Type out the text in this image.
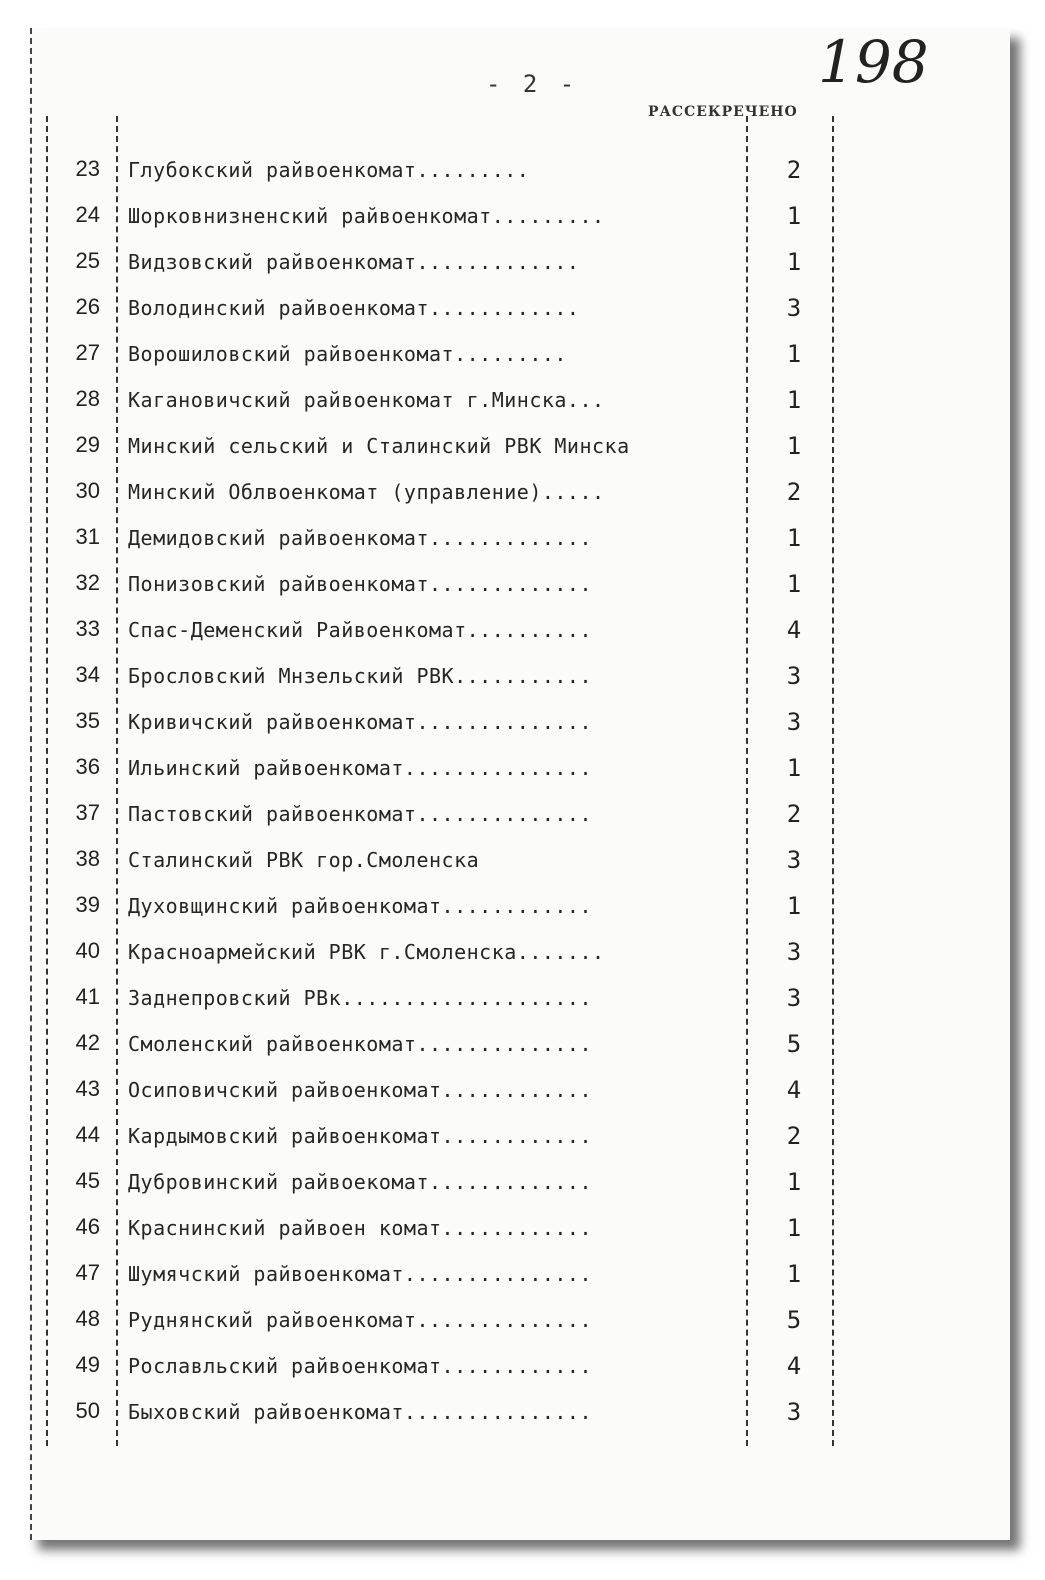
- 2 -
РАССЕКРЕЧЕНО
198
23 Глубокский райвоенкомат.........	2
24 Шорковнизненский райвоенкомат.........	1
25 Видзовский райвоенкомат.............	1
26 Володинский райвоенкомат............	3
27 Ворошиловский райвоенкомат.........	1
28 Кагановичский райвоенкомат г.Минска...	1
29 Минский сельский и Сталинский РВК Минска	1
30 Минский Облвоенкомат (управление).....	2
31 Демидовский райвоенкомат.............	1
32 Понизовский райвоенкомат.............	1
33 Спас-Деменский Райвоенкомат..........	4
34 Брословский Мнзельский РВК...........	3
35 Кривичский райвоенкомат..............	3
36 Ильинский райвоенкомат...............	1
37 Пастовский райвоенкомат..............	2
38 Сталинский РВК гор.Смоленска	3
39 Духовщинский райвоенкомат............	1
40 Красноармейский РВК г.Смоленска.......	3
41 Заднепровский РВк....................	3
42 Смоленский райвоенкомат..............	5
43 Осиповичский райвоенкомат............	4
44 Кардымовский райвоенкомат............	2
45 Дубровинский райвоекомат.............	1
46 Краснинский райвоен комат............	1
47 Шумячский райвоенкомат...............	1
48 Руднянский райвоенкомат..............	5
49 Рославльский райвоенкомат............	4
50 Быховский райвоенкомат...............	3
